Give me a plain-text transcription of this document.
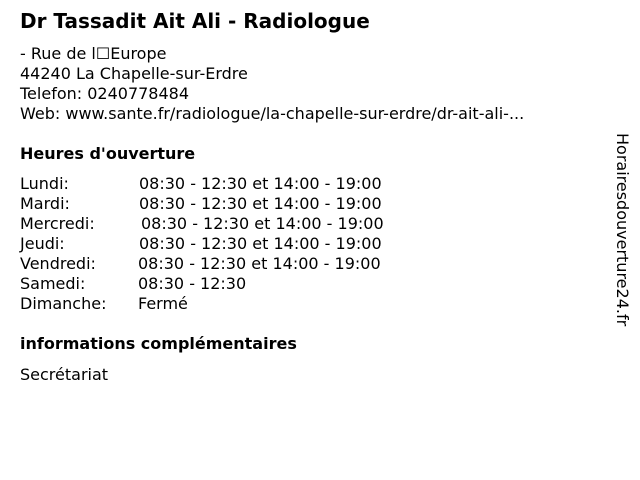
Dr Tassadit Ait Ali - Radiologue
- Rue de l☐Europe
44240 La Chapelle-sur-Erdre
Telefon: 0240778484
Web: www.sante.fr/radiologue/la-chapelle-sur-erdre/dr-ait-ali-...
Heures d'ouverture
Lundi:	08:30 - 12:30 et 14:00 - 19:00
Mardi:	08:30 - 12:30 et 14:00 - 19:00
Mercredi:	08:30 - 12:30 et 14:00 - 19:00
Jeudi:	08:30 - 12:30 et 14:00 - 19:00
Vendredi:	08:30 - 12:30 et 14:00 - 19:00
Samedi:	08:30 - 12:30
Dimanche: Fermé
informations complémentaires
Secrétariat
Horairesdouverture24.fr
